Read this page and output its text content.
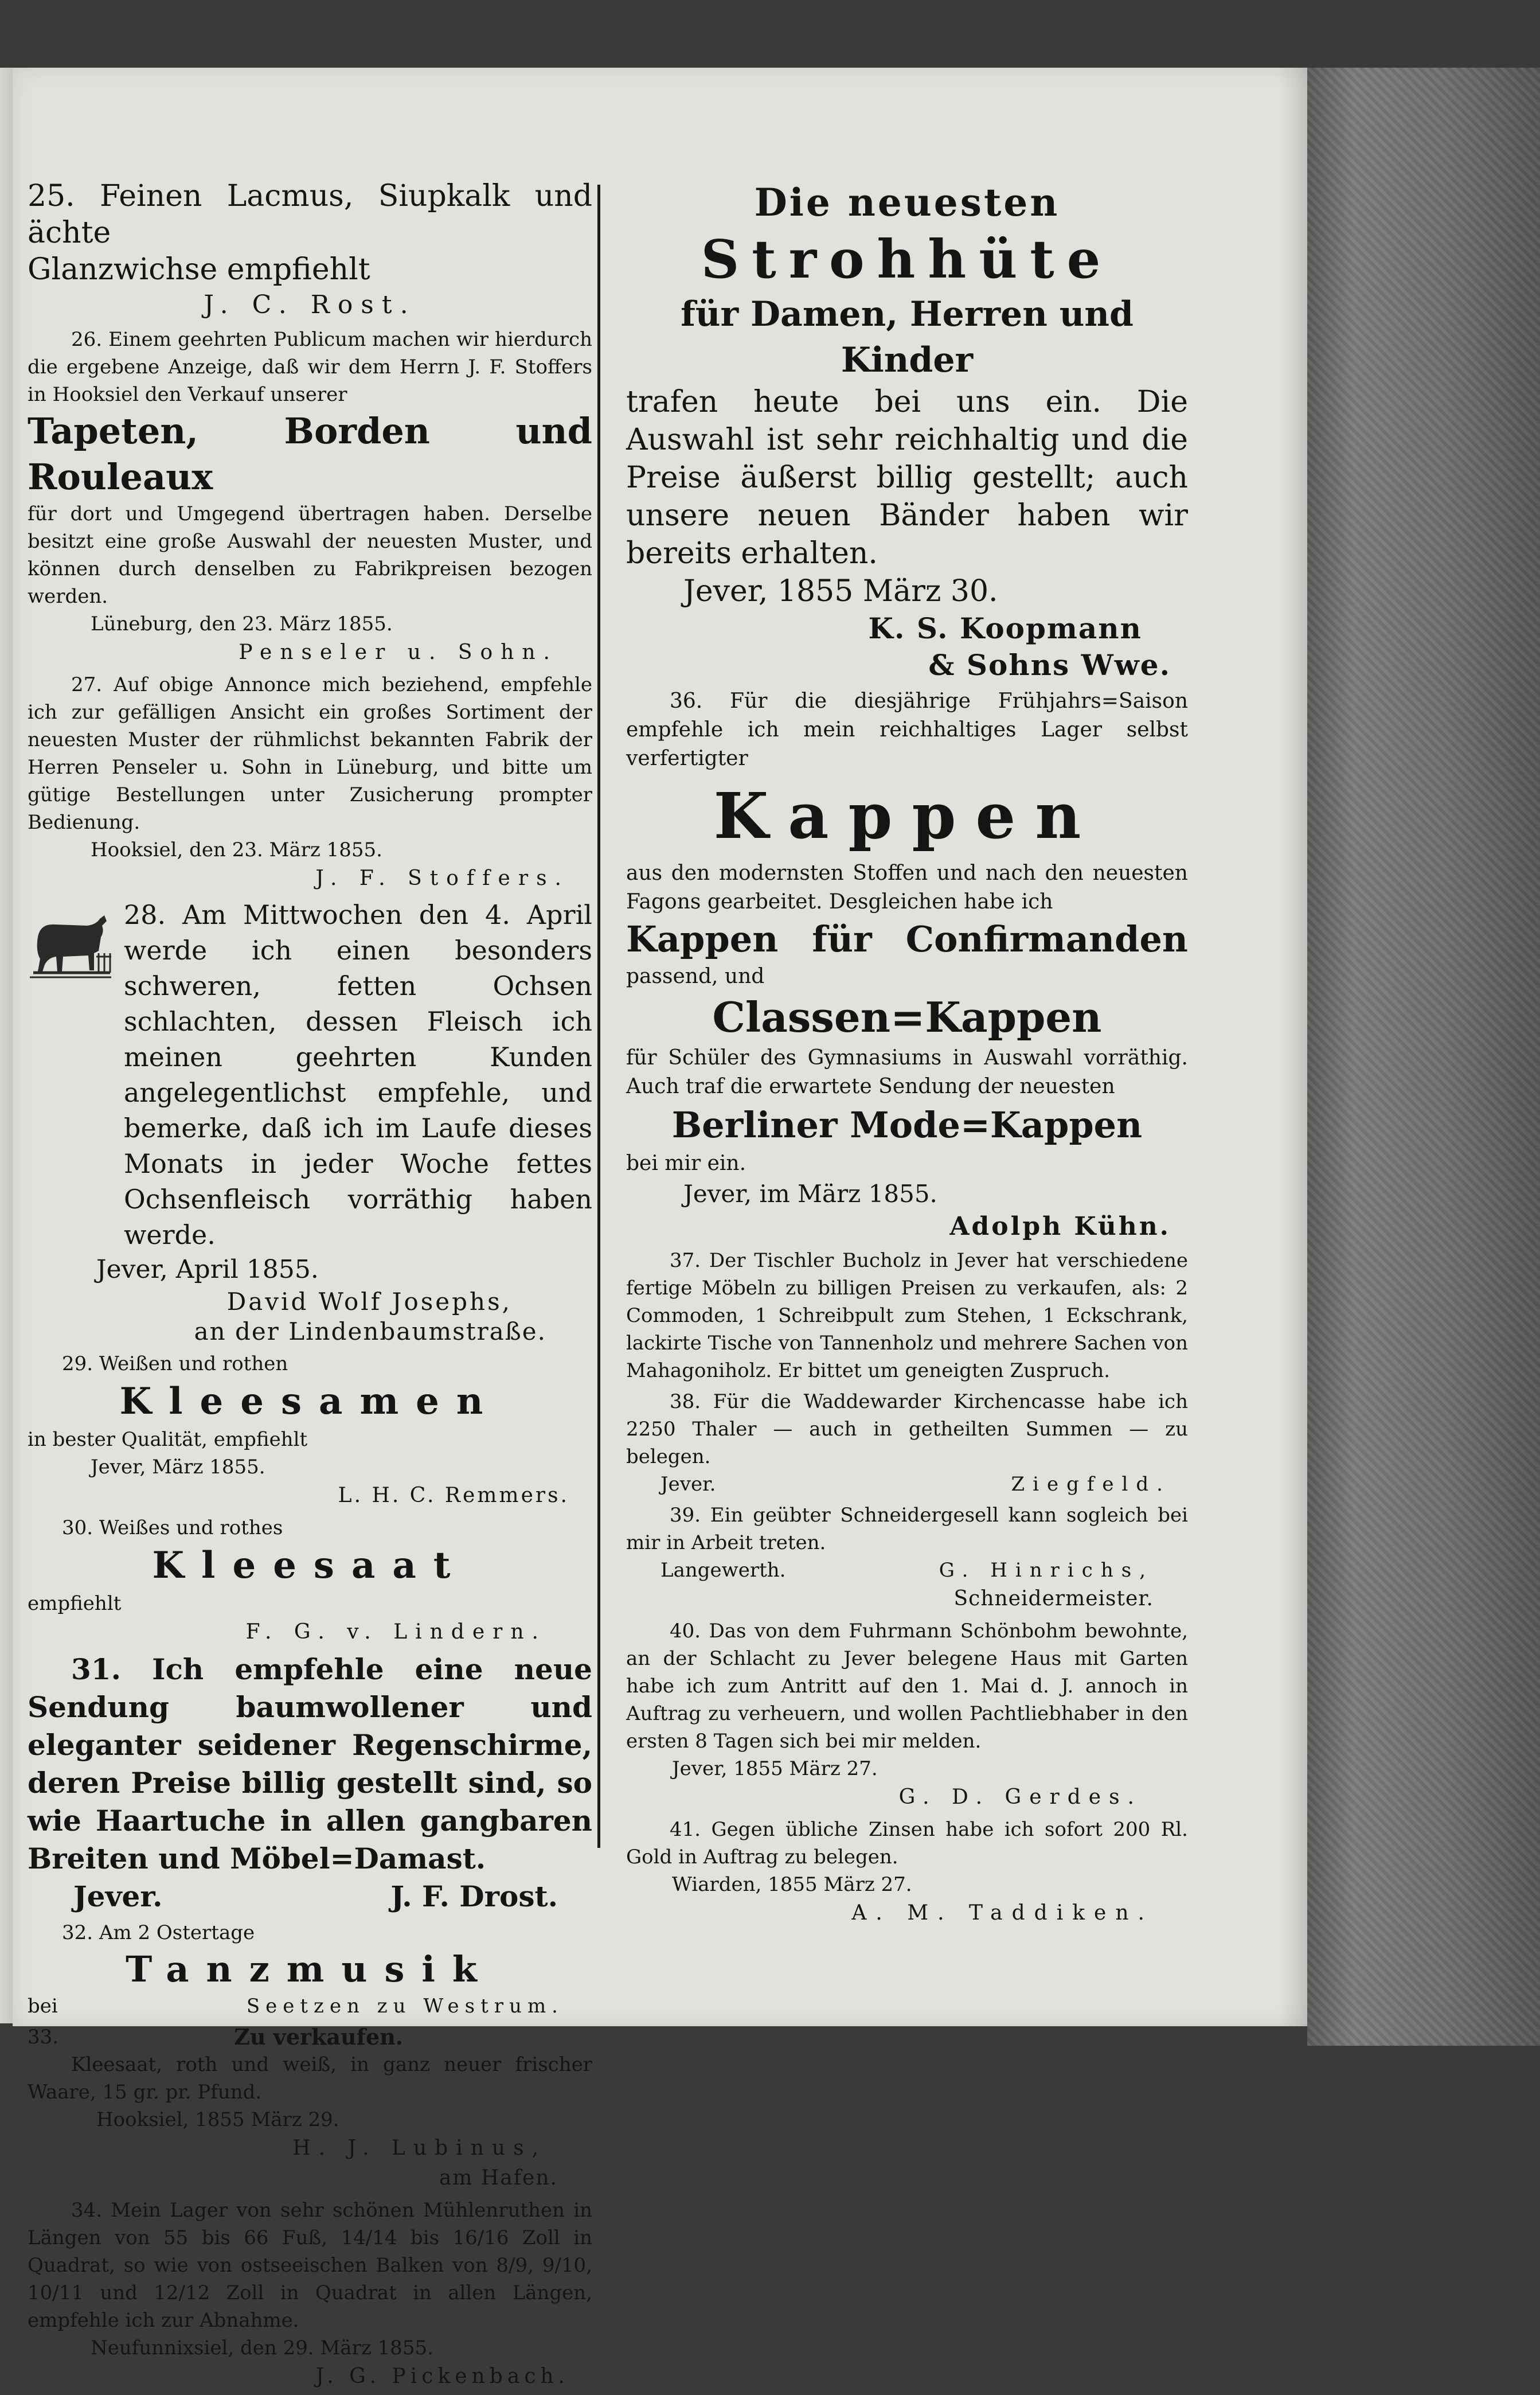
25. Feinen Lacmus, Siupkalk und ächte

Glanzwichse empfiehlt

J. C. Rost.

26. Einem geehrten Publicum machen wir hierdurch die ergebene Anzeige, daß wir dem Herrn J. F. Stoffers in Hooksiel den Verkauf unserer

Tapeten, Borden und Rouleaux

für dort und Umgegend übertragen haben. Derselbe besitzt eine große Auswahl der neuesten Muster, und können durch denselben zu Fabrikpreisen bezogen werden.

Lüneburg, den 23. März 1855.

Penseler u. Sohn.

27. Auf obige Annonce mich beziehend, empfehle ich zur gefälligen Ansicht ein großes Sortiment der neuesten Muster der rühmlichst bekannten Fabrik der Herren Penseler u. Sohn in Lüneburg, und bitte um gütige Bestellungen unter Zusicherung prompter Bedienung.

Hooksiel, den 23. März 1855.

J. F. Stoffers.

28. Am Mittwochen den 4. April werde ich einen besonders schweren, fetten Ochsen schlachten, dessen Fleisch ich meinen geehrten Kunden angelegentlichst empfehle, und bemerke, daß ich im Laufe dieses Monats in jeder Woche fettes Ochsenfleisch vorräthig haben werde.

Jever, April 1855.

David Wolf Josephs,

an der Lindenbaumstraße.

29. Weißen und rothen

Kleesamen

in bester Qualität, empfiehlt

Jever, März 1855.

L. H. C. Remmers.

30. Weißes und rothes

Kleesaat

empfiehlt

F. G. v. Lindern.

31. Ich empfehle eine neue Sendung baumwollener und eleganter seidener Regenschirme, deren Preise billig gestellt sind, so wie Haartuche in allen gangbaren Breiten und Möbel=Damast.

Jever.	J. F. Drost.

32. Am 2 Ostertage

Tanzmusik

bei	Seetzen zu Westrum.
33.	Zu verkaufen.

Kleesaat, roth und weiß, in ganz neuer frischer Waare, 15 gr. pr. Pfund.

Hooksiel, 1855 März 29.

H. J. Lubinus,

am Hafen.

34. Mein Lager von sehr schönen Mühlenruthen in Längen von 55 bis 66 Fuß, 14/14 bis 16/16 Zoll in Quadrat, so wie von ostseeischen Balken von 8/9, 9/10, 10/11 und 12/12 Zoll in Quadrat in allen Längen, empfehle ich zur Abnahme.

Neufunnixsiel, den 29. März 1855.

J. G. Pickenbach.

Die neuesten

Strohhüte

für Damen, Herren und

Kinder

trafen heute bei uns ein. Die Auswahl ist sehr reichhaltig und die Preise äußerst billig gestellt; auch unsere neuen Bänder haben wir bereits erhalten.

Jever, 1855 März 30.

K. S. Koopmann

& Sohns Wwe.

36. Für die diesjährige Frühjahrs=Saison empfehle ich mein reichhaltiges Lager selbst verfertigter

Kappen

aus den modernsten Stoffen und nach den neuesten Fagons gearbeitet. Desgleichen habe ich

Kappen für Confirmanden

passend, und

Classen=Kappen

für Schüler des Gymnasiums in Auswahl vorräthig. Auch traf die erwartete Sendung der neuesten

Berliner Mode=Kappen

bei mir ein.

Jever, im März 1855.

Adolph Kühn.

37. Der Tischler Bucholz in Jever hat verschiedene fertige Möbeln zu billigen Preisen zu verkaufen, als: 2 Commoden, 1 Schreibpult zum Stehen, 1 Eckschrank, lackirte Tische von Tannenholz und mehrere Sachen von Mahagoniholz. Er bittet um geneigten Zuspruch.

38. Für die Waddewarder Kirchencasse habe ich 2250 Thaler — auch in getheilten Summen — zu belegen.

Jever.	Ziegfeld.

39. Ein geübter Schneidergesell kann sogleich bei mir in Arbeit treten.

Langewerth.	G. Hinrichs,

Schneidermeister.

40. Das von dem Fuhrmann Schönbohm bewohnte, an der Schlacht zu Jever belegene Haus mit Garten habe ich zum Antritt auf den 1. Mai d. J. annoch in Auftrag zu verheuern, und wollen Pachtliebhaber in den ersten 8 Tagen sich bei mir melden.

Jever, 1855 März 27.

G. D. Gerdes.

41. Gegen übliche Zinsen habe ich sofort 200 Rl. Gold in Auftrag zu belegen.

Wiarden, 1855 März 27.

A. M. Taddiken.
